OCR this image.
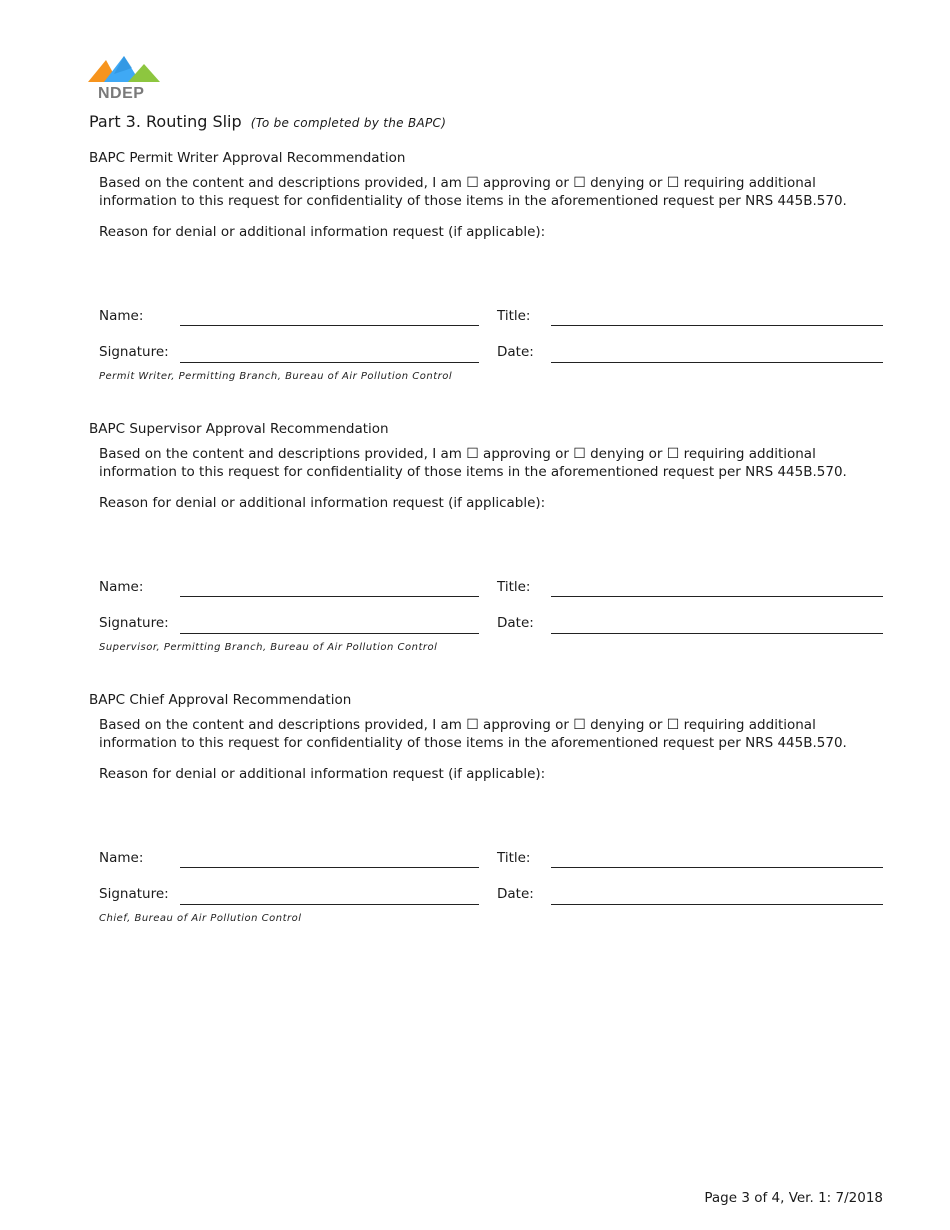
NDEP
Part 3. Routing Slip (To be completed by the BAPC)
BAPC Permit Writer Approval Recommendation
Based on the content and descriptions provided, I am ☐ approving or ☐ denying or ☐ requiring additional information to this request for confidentiality of those items in the aforementioned request per NRS 445B.570.
Reason for denial or additional information request (if applicable):
Name:	Title:
Signature:	Date:
Permit Writer, Permitting Branch, Bureau of Air Pollution Control
BAPC Supervisor Approval Recommendation
Based on the content and descriptions provided, I am ☐ approving or ☐ denying or ☐ requiring additional information to this request for confidentiality of those items in the aforementioned request per NRS 445B.570.
Reason for denial or additional information request (if applicable):
Name:	Title:
Signature:	Date:
Supervisor, Permitting Branch, Bureau of Air Pollution Control
BAPC Chief Approval Recommendation
Based on the content and descriptions provided, I am ☐ approving or ☐ denying or ☐ requiring additional information to this request for confidentiality of those items in the aforementioned request per NRS 445B.570.
Reason for denial or additional information request (if applicable):
Name:	Title:
Signature:	Date:
Chief, Bureau of Air Pollution Control
Page 3 of 4, Ver. 1: 7/2018
